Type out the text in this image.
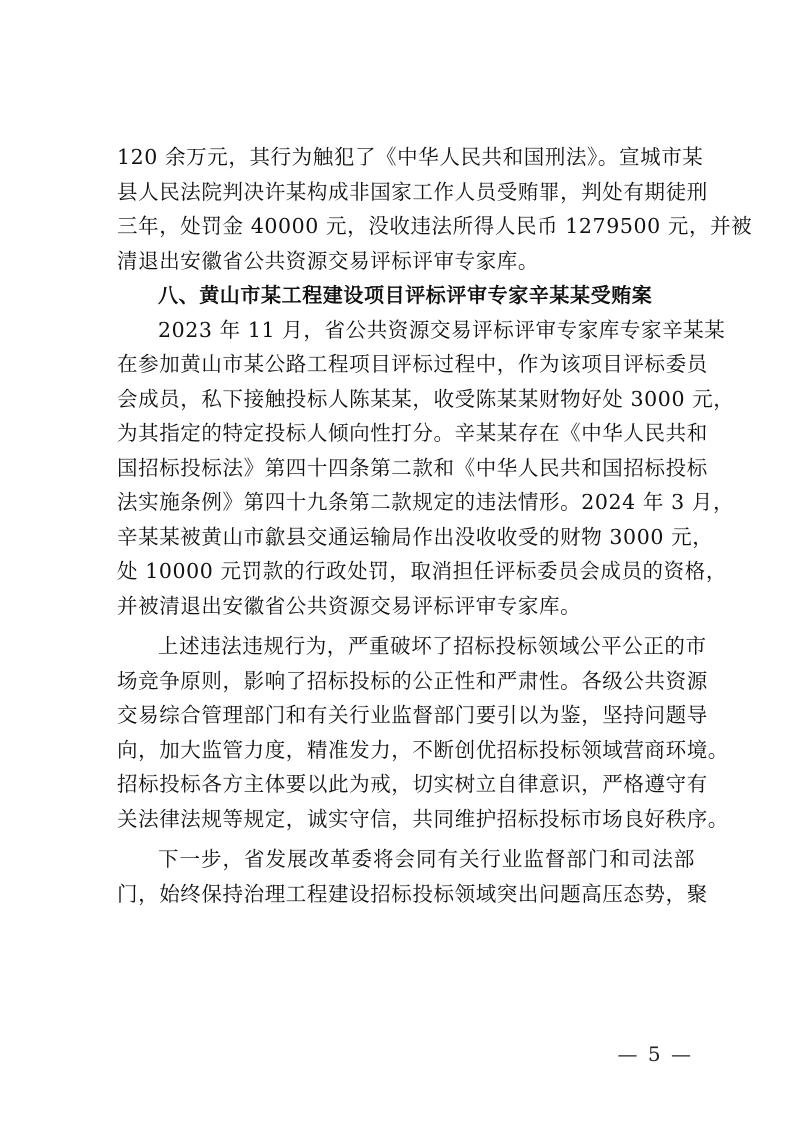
120 余万元，其行为触犯了《中华人民共和国刑法》。宣城市某
县人民法院判决许某构成非国家工作人员受贿罪，判处有期徒刑
三年，处罚金 40000 元，没收违法所得人民币 1279500 元，并被
清退出安徽省公共资源交易评标评审专家库。

八、黄山市某工程建设项目评标评审专家辛某某受贿案

2023 年 11 月，省公共资源交易评标评审专家库专家辛某某
在参加黄山市某公路工程项目评标过程中，作为该项目评标委员
会成员，私下接触投标人陈某某，收受陈某某财物好处 3000 元，
为其指定的特定投标人倾向性打分。辛某某存在《中华人民共和
国招标投标法》第四十四条第二款和《中华人民共和国招标投标
法实施条例》第四十九条第二款规定的违法情形。2024 年 3 月，
辛某某被黄山市歙县交通运输局作出没收收受的财物 3000 元，
处 10000 元罚款的行政处罚，取消担任评标委员会成员的资格，
并被清退出安徽省公共资源交易评标评审专家库。

上述违法违规行为，严重破坏了招标投标领域公平公正的市
场竞争原则，影响了招标投标的公正性和严肃性。各级公共资源
交易综合管理部门和有关行业监督部门要引以为鉴，坚持问题导
向，加大监管力度，精准发力，不断创优招标投标领域营商环境。
招标投标各方主体要以此为戒，切实树立自律意识，严格遵守有
关法律法规等规定，诚实守信，共同维护招标投标市场良好秩序。

下一步，省发展改革委将会同有关行业监督部门和司法部
门，始终保持治理工程建设招标投标领域突出问题高压态势，聚

— 5 —
